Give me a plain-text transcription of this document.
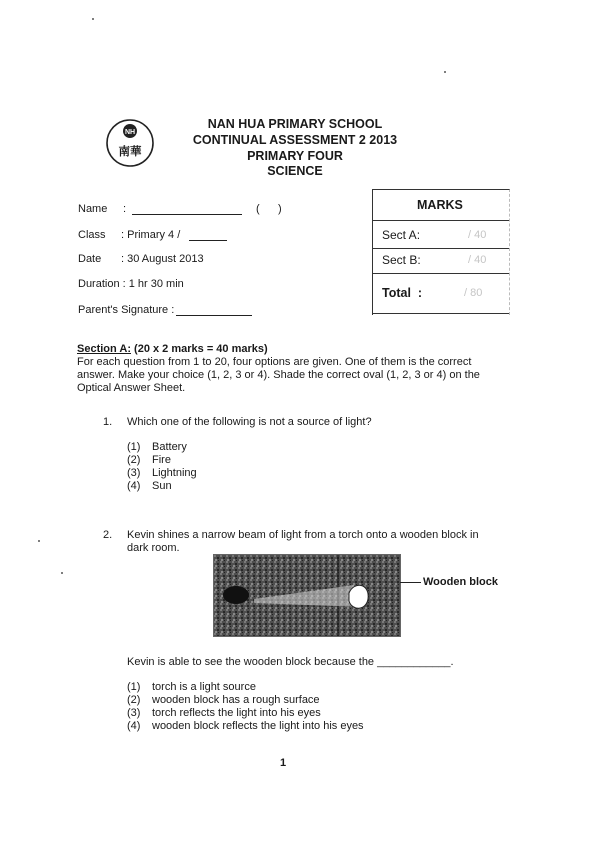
NH
南華
NAN HUA PRIMARY SCHOOL
CONTINUAL ASSESSMENT 2 2013
PRIMARY FOUR
SCIENCE
Name :	(      )
Class : Primary 4 /
Date : 30 August 2013
Duration : 1 hr 30 min
Parent's Signature :
MARKS
Sect A:	/ 40
Sect B:	/ 40
Total  :	/ 80
Section A: (20 x 2 marks = 40 marks)
For each question from 1 to 20, four options are given. One of them is the correct
answer. Make your choice (1, 2, 3 or 4). Shade the correct oval (1, 2, 3 or 4) on the
Optical Answer Sheet.
1. Which one of the following is not a source of light?
(1) Battery
(2) Fire
(3) Lightning
(4) Sun
2. Kevin shines a narrow beam of light from a torch onto a wooden block in
dark room.
Wooden block
Kevin is able to see the wooden block because the ____________.
(1) torch is a light source
(2) wooden block has a rough surface
(3) torch reflects the light into his eyes
(4) wooden block reflects the light into his eyes
1
